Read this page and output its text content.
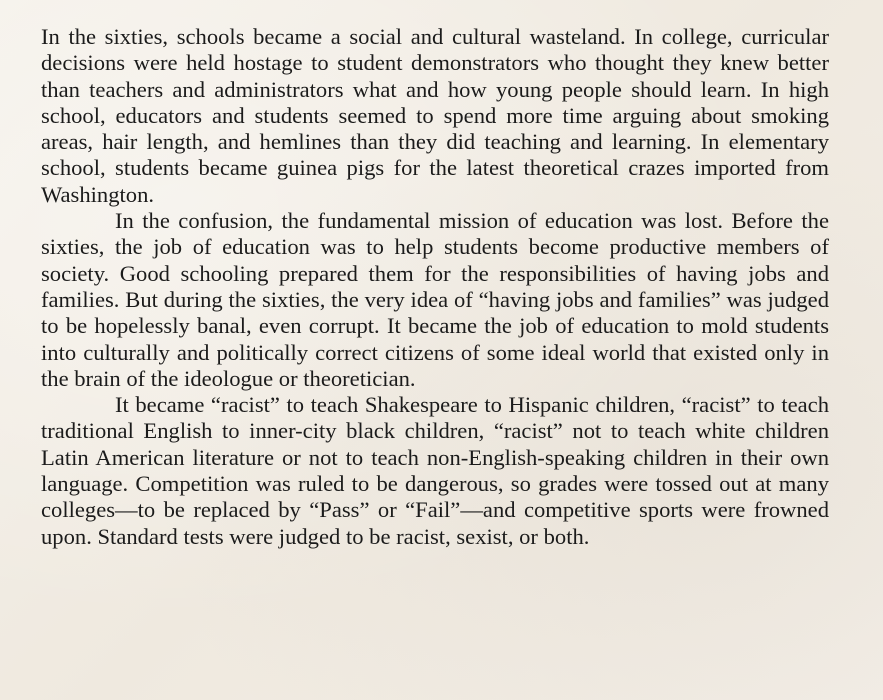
In the sixties, schools became a social and cultural wasteland. In college, curricular decisions were held hostage to student demonstrators who thought they knew better than teachers and administrators what and how young people should learn. In high school, educators and students seemed to spend more time arguing about smoking areas, hair length, and hemlines than they did teaching and learning. In elementary school, students became guinea pigs for the latest theoretical crazes imported from Washington.

In the confusion, the fundamental mission of education was lost. Before the sixties, the job of education was to help students become productive members of society. Good schooling prepared them for the responsibilities of having jobs and families. But during the sixties, the very idea of “having jobs and families” was judged to be hopelessly banal, even corrupt. It became the job of education to mold students into culturally and politically correct citizens of some ideal world that existed only in the brain of the ideologue or theoretician.

It became “racist” to teach Shakespeare to Hispanic children, “racist” to teach traditional English to inner-city black children, “racist” not to teach white children Latin American literature or not to teach non-English-speaking children in their own language. Competition was ruled to be dangerous, so grades were tossed out at many colleges—to be replaced by “Pass” or “Fail”—and competitive sports were frowned upon. Standard tests were judged to be racist, sexist, or both.
